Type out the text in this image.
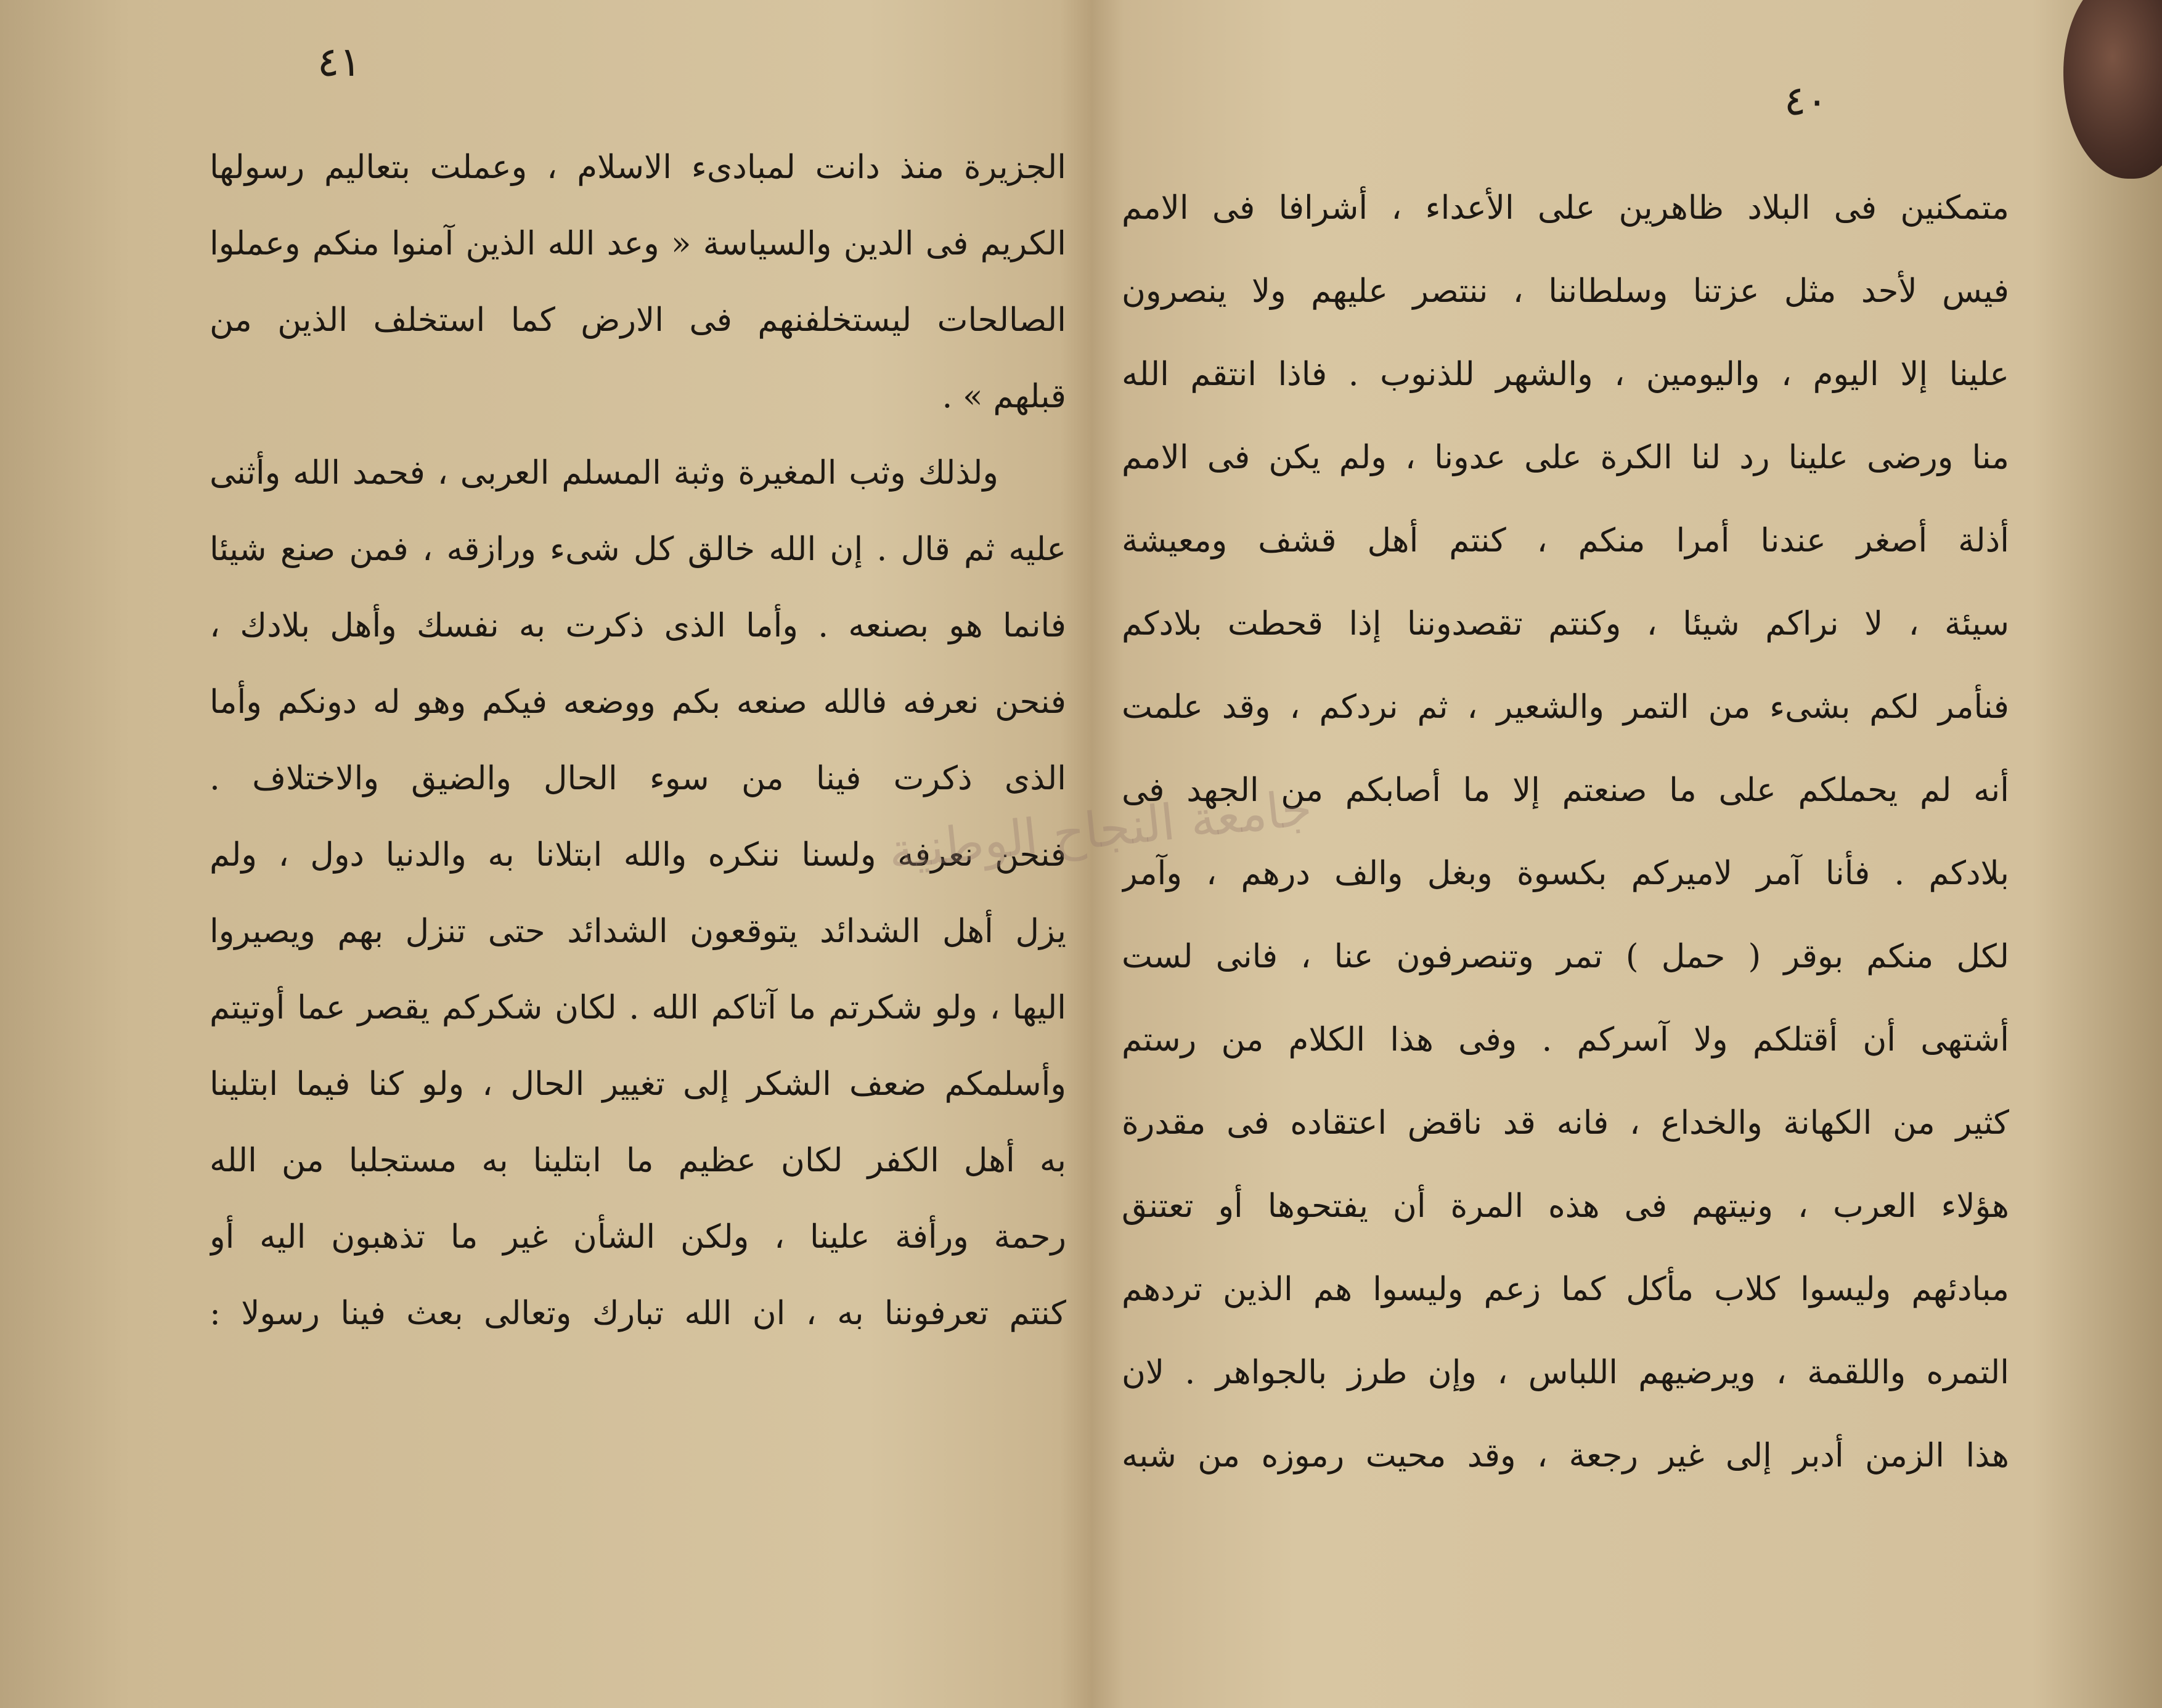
٤١
الجزيرة منذ دانت لمبادىء الاسلام ، وعملت بتعاليم رسولها
الكريم فى الدين والسياسة « وعد الله الذين آمنوا منكم وعملوا
الصالحات ليستخلفنهم فى الارض كما استخلف الذين من
قبلهم » .
ولذلك وثب المغيرة وثبة المسلم العربى ، فحمد الله وأثنى
عليه ثم قال . إن الله خالق كل شىء ورازقه ، فمن صنع شيئا
فانما هو بصنعه . وأما الذى ذكرت به نفسك وأهل بلادك ،
فنحن نعرفه فالله صنعه بكم ووضعه فيكم وهو له دونكم وأما
الذى ذكرت فينا من سوء الحال والضيق والاختلاف .
فنحن نعرفه ولسنا ننكره والله ابتلانا به والدنيا دول ، ولم
يزل أهل الشدائد يتوقعون الشدائد حتى تنزل بهم ويصيروا
اليها ، ولو شكرتم ما آتاكم الله . لكان شكركم يقصر عما أوتيتم
وأسلمكم ضعف الشكر إلى تغيير الحال ، ولو كنا فيما ابتلينا
به أهل الكفر لكان عظيم ما ابتلينا به مستجلبا من الله
رحمة ورأفة علينا ، ولكن الشأن غير ما تذهبون اليه أو
كنتم تعرفوننا به ، ان الله تبارك وتعالى بعث فينا رسولا :
٤٠
متمكنين فى البلاد ظاهرين على الأعداء ، أشرافا فى الامم
فيس لأحد مثل عزتنا وسلطاننا ، ننتصر عليهم ولا ينصرون
علينا إلا اليوم ، واليومين ، والشهر للذنوب . فاذا انتقم الله
منا ورضى علينا رد لنا الكرة على عدونا ، ولم يكن فى الامم
أذلة أصغر عندنا أمرا منكم ، كنتم أهل قشف ومعيشة
سيئة ، لا نراكم شيئا ، وكنتم تقصدوننا إذا قحطت بلادكم
فنأمر لكم بشىء من التمر والشعير ، ثم نردكم ، وقد علمت
أنه لم يحملكم على ما صنعتم إلا ما أصابكم من الجهد فى
بلادكم . فأنا آمر لاميركم بكسوة وبغل والف درهم ، وآمر
لكل منكم بوقر ( حمل ) تمر وتنصرفون عنا ، فانى لست
أشتهى أن أقتلكم ولا آسركم . وفى هذا الكلام من رستم
كثير من الكهانة والخداع ، فانه قد ناقض اعتقاده فى مقدرة
هؤلاء العرب ، ونيتهم فى هذه المرة أن يفتحوها أو تعتنق
مبادئهم وليسوا كلاب مأكل كما زعم وليسوا هم الذين تردهم
التمره واللقمة ، ويرضيهم اللباس ، وإن طرز بالجواهر . لان
هذا الزمن أدبر إلى غير رجعة ، وقد محيت رموزه من شبه
جامعة النجاح الوطنية
